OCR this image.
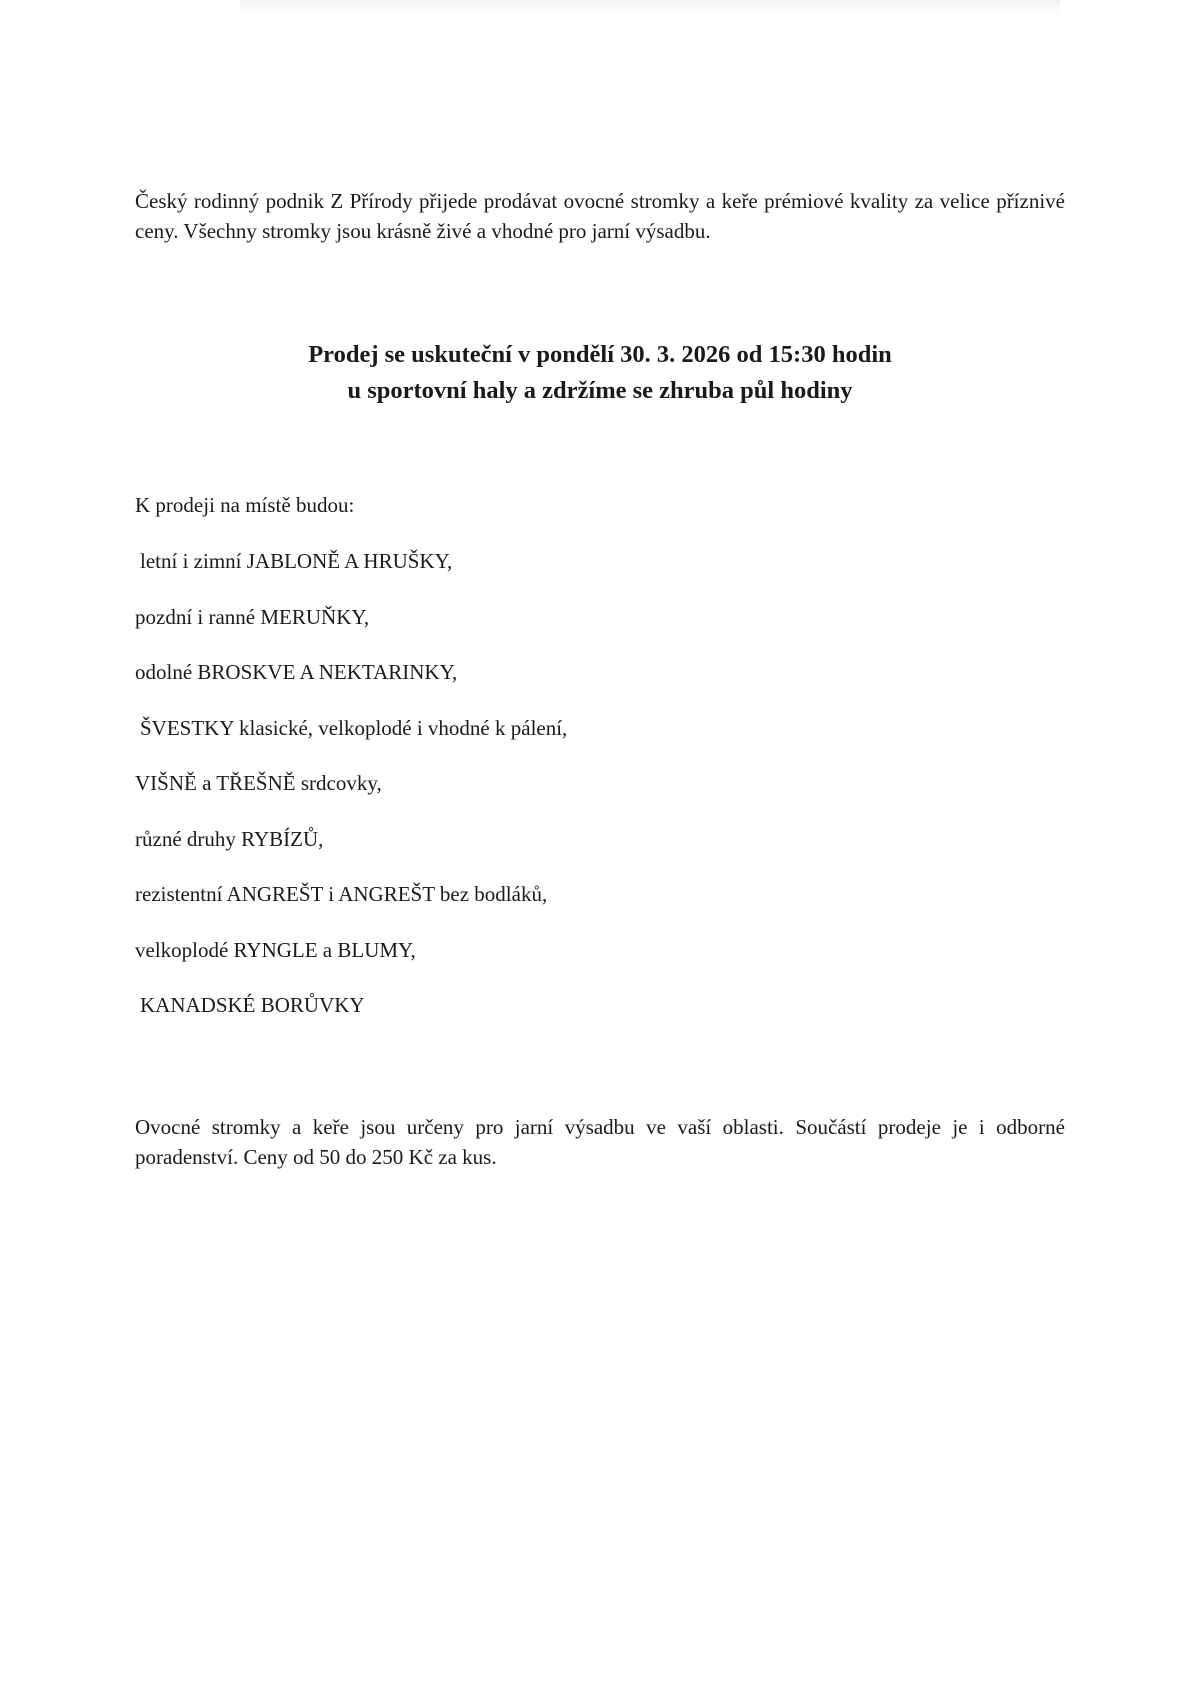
Český rodinný podnik Z Přírody přijede prodávat ovocné stromky a keře prémiové kvality za velice příznivé ceny. Všechny stromky jsou krásně živé a vhodné pro jarní výsadbu.

Prodej se uskuteční v pondělí 30. 3. 2026 od 15:30 hodin
u sportovní haly a zdržíme se zhruba půl hodiny

K prodeji na místě budou:

letní i zimní JABLONĚ A HRUŠKY,
pozdní i ranné MERUŇKY,
odolné BROSKVE A NEKTARINKY,
ŠVESTKY klasické, velkoplodé i vhodné k pálení,
VIŠNĚ a TŘEŠNĚ srdcovky,
různé druhy RYBÍZŮ,
rezistentní ANGREŠT i ANGREŠT bez bodláků,
velkoplodé RYNGLE a BLUMY,
KANADSKÉ BORŮVKY

Ovocné stromky a keře jsou určeny pro jarní výsadbu ve vaší oblasti. Součástí prodeje je i odborné poradenství. Ceny od 50 do 250 Kč za kus.
